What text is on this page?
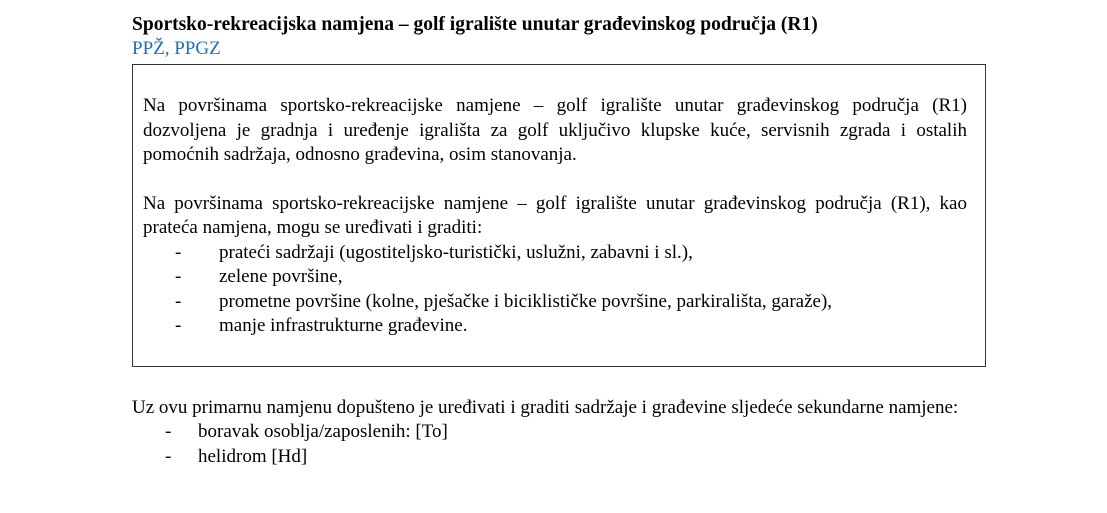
Sportsko-rekreacijska namjena – golf igralište unutar građevinskog područja (R1)
PPŽ, PPGZ

Na površinama sportsko-rekreacijske namjene – golf igralište unutar građevinskog područja (R1) dozvoljena je gradnja i uređenje igrališta za golf uključivo klupske kuće, servisnih zgrada i ostalih pomoćnih sadržaja, odnosno građevina, osim stanovanja.

Na površinama sportsko-rekreacijske namjene – golf igralište unutar građevinskog područja (R1), kao prateća namjena, mogu se uređivati i graditi:

- prateći sadržaji (ugostiteljsko-turistički, uslužni, zabavni i sl.),
- zelene površine,
- prometne površine (kolne, pješačke i biciklističke površine, parkirališta, garaže),
- manje infrastrukturne građevine.
Uz ovu primarnu namjenu dopušteno je uređivati i graditi sadržaje i građevine sljedeće sekundarne namjene:
- boravak osoblja/zaposlenih: [To]
- helidrom [Hd]
